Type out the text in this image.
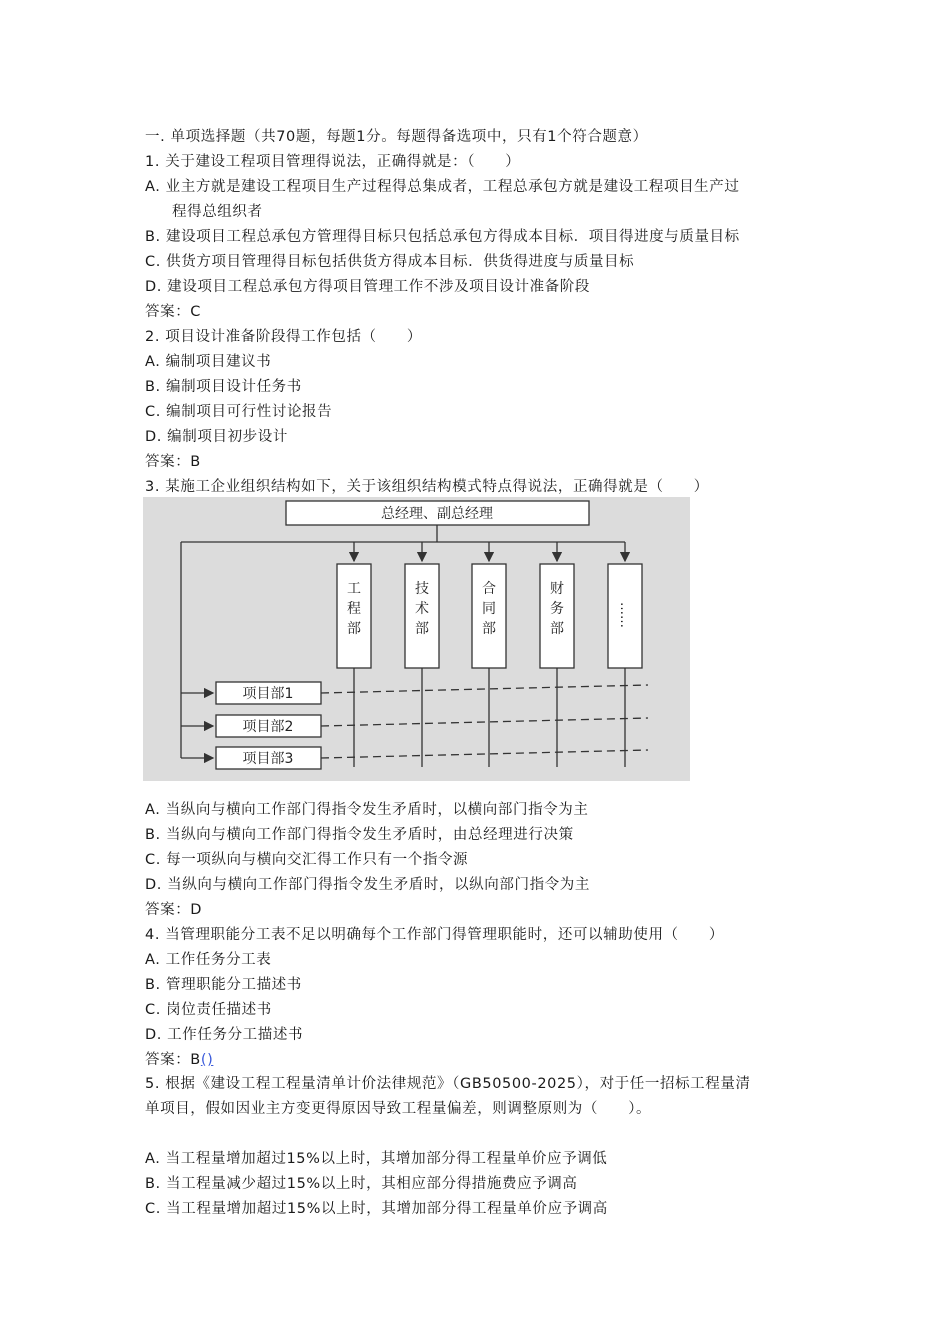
一. 单项选择题（共70题，每题1分。每题得备选项中，只有1个符合题意）
1. 关于建设工程项目管理得说法，正确得就是：（　　）
A. 业主方就是建设工程项目生产过程得总集成者，工程总承包方就是建设工程项目生产过
程得总组织者
B. 建设项目工程总承包方管理得目标只包括总承包方得成本目标．项目得进度与质量目标
C. 供货方项目管理得目标包括供货方得成本目标．供货得进度与质量目标
D. 建设项目工程总承包方得项目管理工作不涉及项目设计准备阶段
答案：C
2. 项目设计准备阶段得工作包括（　　）
A. 编制项目建议书
B. 编制项目设计任务书
C. 编制项目可行性讨论报告
D. 编制项目初步设计
答案：B
3. 某施工企业组织结构如下，关于该组织结构模式特点得说法，正确得就是（　　）
总经理、副总经理
工
程
部
技
术
部
合
同
部
财
务
部
……
项目部1
项目部2
项目部3
A. 当纵向与横向工作部门得指令发生矛盾时，以横向部门指令为主
B. 当纵向与横向工作部门得指令发生矛盾时，由总经理进行决策
C. 每一项纵向与横向交汇得工作只有一个指令源
D. 当纵向与横向工作部门得指令发生矛盾时，以纵向部门指令为主
答案：D
4. 当管理职能分工表不足以明确每个工作部门得管理职能时，还可以辅助使用（　　）
A. 工作任务分工表
B. 管理职能分工描述书
C. 岗位责任描述书
D. 工作任务分工描述书
答案：B()
5. 根据《建设工程工程量清单计价法律规范》（GB50500-2025），对于任一招标工程量清
单项目，假如因业主方变更得原因导致工程量偏差，则调整原则为（　　）。
A. 当工程量增加超过15%以上时，其增加部分得工程量单价应予调低
B. 当工程量减少超过15%以上时，其相应部分得措施费应予调高
C. 当工程量增加超过15%以上时，其增加部分得工程量单价应予调高
